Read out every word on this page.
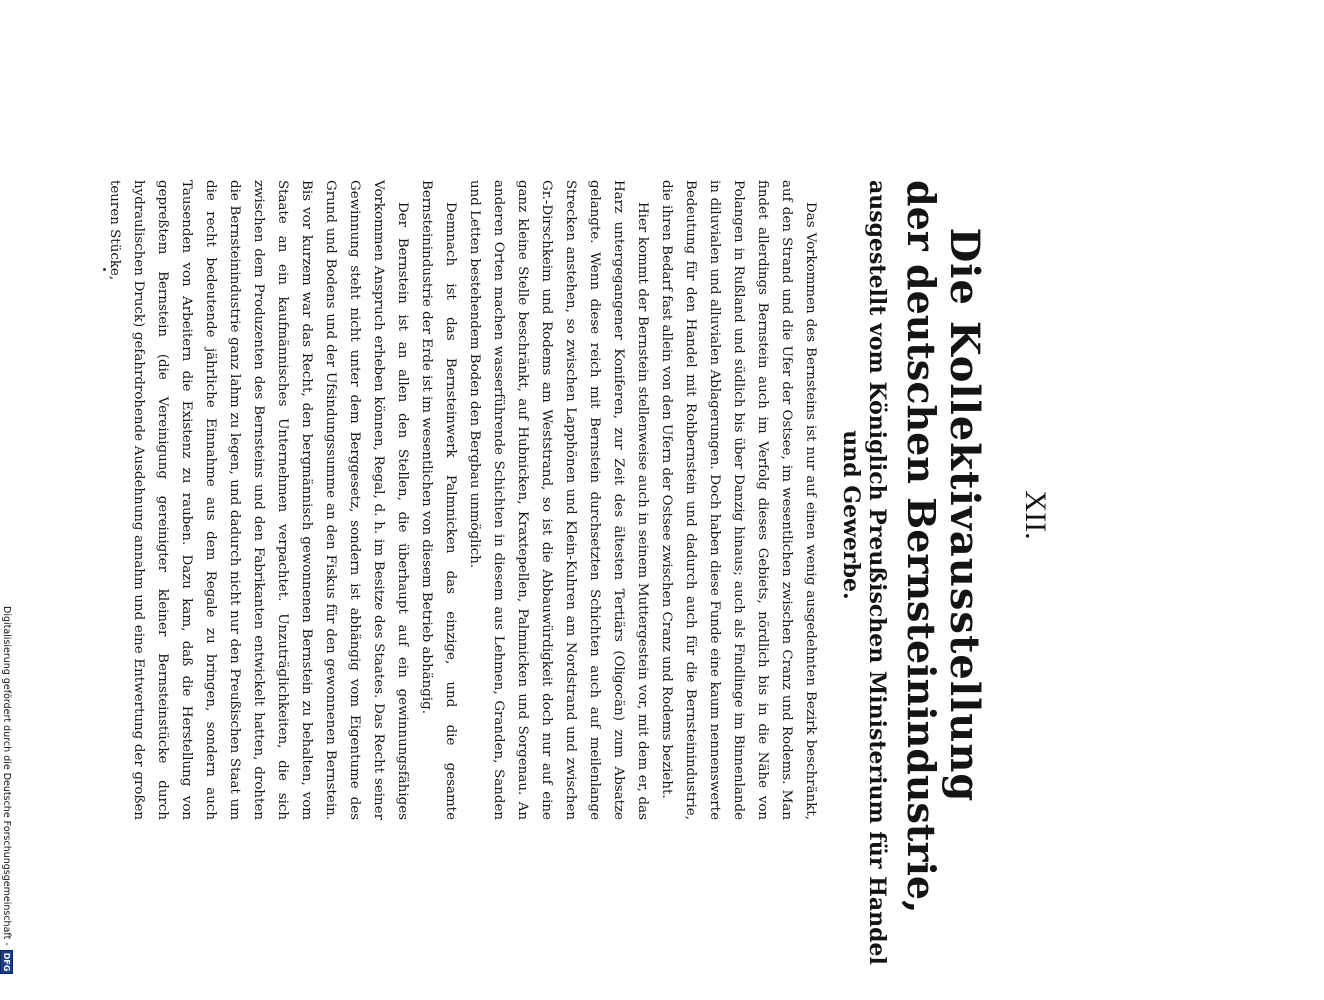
XII.
Die Kollektivausstellung
der deutschen Bernsteinindustrie,
ausgestellt vom Königlich Preußischen Ministerium für Handel
und Gewerbe.

Das Vorkommen des Bernsteins ist nur auf einen wenig ausgedehnten Bezirk beschränkt, auf den Strand und die Ufer der Ostsee, im wesentlichen zwischen Cranz und Rodems. Man findet allerdings Bernstein auch im Verfolg dieses Gebiets, nördlich bis in die Nähe von Polangen in Rußland und südlich bis über Danzig hinaus; auch als Findlinge im Binnenlande in diluvialen und alluvialen Ablagerungen. Doch haben diese Funde eine kaum nennenswerte Bedeutung für den Handel mit Rohbernstein und dadurch auch für die Bernsteinindustrie, die ihren Bedarf fast allein von den Ufern der Ostsee zwischen Cranz und Rodems bezieht.

Hier kommt der Bernstein stellenweise auch in seinem Muttergestein vor, mit dem er, das Harz untergegangener Koniferen, zur Zeit des ältesten Tertiärs (Oligocän) zum Absatze gelangte. Wenn diese reich mit Bernstein durchsetzten Schichten auch auf meilenlange Strecken anstehen, so zwischen Lapphönen und Klein-Kuhren am Nordstrand und zwischen Gr.-Dirschkeim und Rodems am Weststrand, so ist die Abbauwürdigkeit doch nur auf eine ganz kleine Stelle beschränkt, auf Hubnicken, Kraxtepellen, Palmnicken und Sorgenau. An anderen Orten machen wasserführende Schichten in diesem aus Lehmen, Granden, Sanden und Letten bestehendem Boden den Bergbau unmöglich.

Demnach ist das Bernsteinwerk Palmnicken das einzige, und die gesamte Bernsteinindustrie der Erde ist im wesentlichen von diesem Betrieb abhängig.

Der Bernstein ist an allen den Stellen, die überhaupt auf ein gewinnungsfähiges Vorkommen Anspruch erheben können, Regal, d. h. im Besitze des Staates. Das Recht seiner Gewinnung steht nicht unter dem Berggesetz, sondern ist abhängig vom Eigentume des Grund und Bodens und der Ufsindungssumme an den Fiskus für den gewonnenen Bernstein. Bis vor kurzem war das Recht, den bergmännisch gewonnenen Bernstein zu behalten, vom Staate an ein kaufmännisches Unternehmen verpachtet. Unzuträglichkeiten, die sich zwischen dem Produzenten des Bernsteins und den Fabrikanten entwickelt hatten, drohten die Bernsteinindustrie ganz lahm zu legen, und dadurch nicht nur den Preußischen Staat um die recht bedeutende jährliche Einnahme aus dem Regale zu bringen, sondern auch Tausenden von Arbeitern die Existenz zu rauben. Dazu kam, daß die Herstellung von gepreßtem Bernstein (die Vereinigung gereinigter kleiner Bernsteinstücke durch hydraulischen Druck) gefahrdrohende Ausdehnung annahm und eine Entwertung der großen teuren Stücke,

Digitalisierung gefördert durch die Deutsche Forschungsgemeinschaft -
DFG
